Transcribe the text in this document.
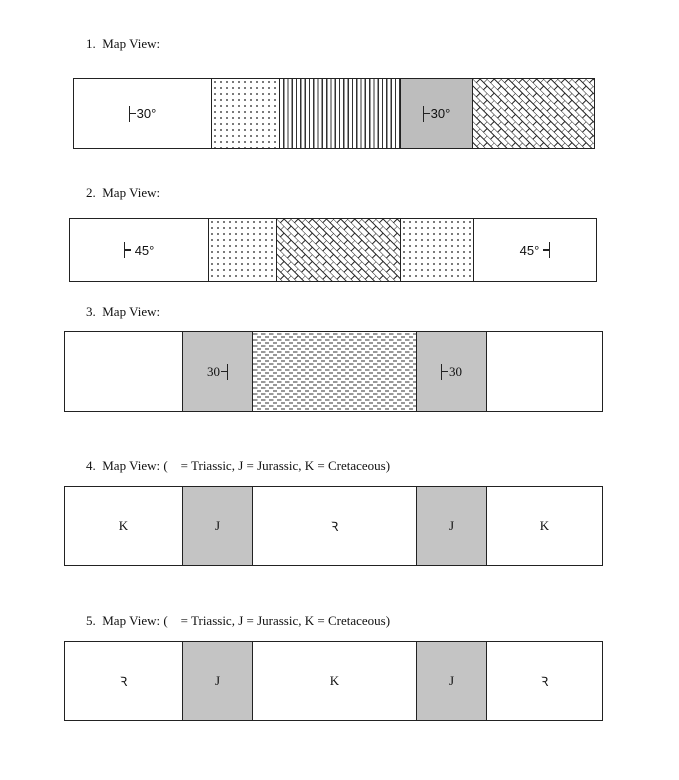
1.  Map View:
30°	30°
2.  Map View:

45°	45°

3.  Map View:
30	30
4.  Map View: (    = Triassic, J = Jurassic, K = Cretaceous)
K	J	Ꝛ	J	K
5.  Map View: (    = Triassic, J = Jurassic, K = Cretaceous)
Ꝛ	J	K	J	Ꝛ
